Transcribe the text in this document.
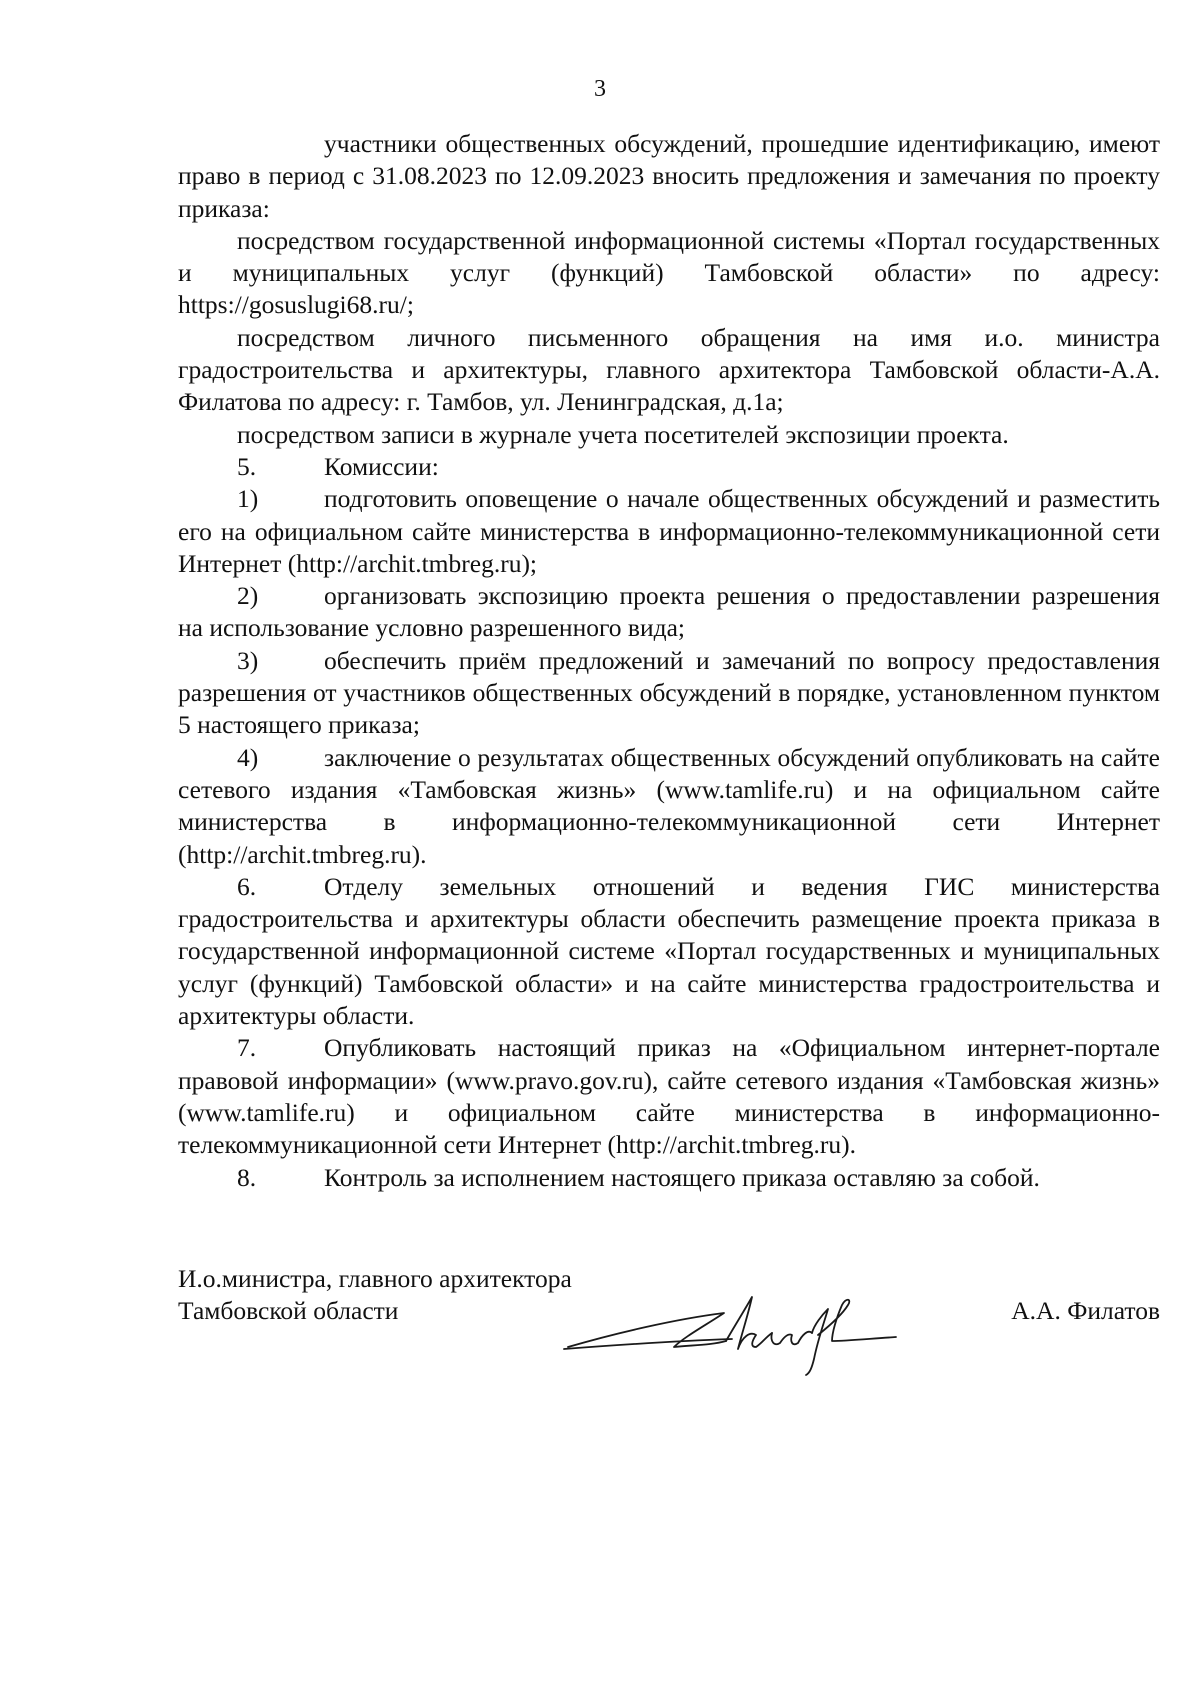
3

участники общественных обсуждений, прошедшие идентификацию, имеют право в период с 31.08.2023 по 12.09.2023 вносить предложения и замечания по проекту приказа:

посредством государственной информационной системы «Портал государственных и муниципальных услуг (функций) Тамбовской области» по адресу: https://gosuslugi68.ru/;

посредством личного письменного обращения на имя и.о. министра градостроительства и архитектуры, главного архитектора Тамбовской области-А.А. Филатова по адресу: г. Тамбов, ул. Ленинградская, д.1а;

посредством записи в журнале учета посетителей экспозиции проекта.

5.	Комиссии:

1)	подготовить оповещение о начале общественных обсуждений и разместить его на официальном сайте министерства в информационно-телекоммуникационной сети Интернет (http://archit.tmbreg.ru);

2)	организовать экспозицию проекта решения о предоставлении разрешения на использование условно разрешенного вида;

3)	обеспечить приём предложений и замечаний по вопросу предоставления разрешения от участников общественных обсуждений в порядке, установленном пунктом 5 настоящего приказа;

4)	заключение о результатах общественных обсуждений опубликовать на сайте сетевого издания «Тамбовская жизнь» (www.tamlife.ru) и на официальном сайте министерства в информационно-телекоммуникационной сети Интернет (http://archit.tmbreg.ru).

6.	Отделу земельных отношений и ведения ГИС министерства градостроительства и архитектуры области обеспечить размещение проекта приказа в государственной информационной системе «Портал государственных и муниципальных услуг (функций) Тамбовской области» и на сайте министерства градостроительства и архитектуры области.

7.	Опубликовать настоящий приказ на «Официальном интернет-портале правовой информации» (www.pravo.gov.ru), сайте сетевого издания «Тамбовская жизнь» (www.tamlife.ru) и официальном сайте министерства в информационно-телекоммуникационной сети Интернет (http://archit.tmbreg.ru).

8.	Контроль за исполнением настоящего приказа оставляю за собой.

И.о.министра, главного архитектора
Тамбовской области	А.А. Филатов
